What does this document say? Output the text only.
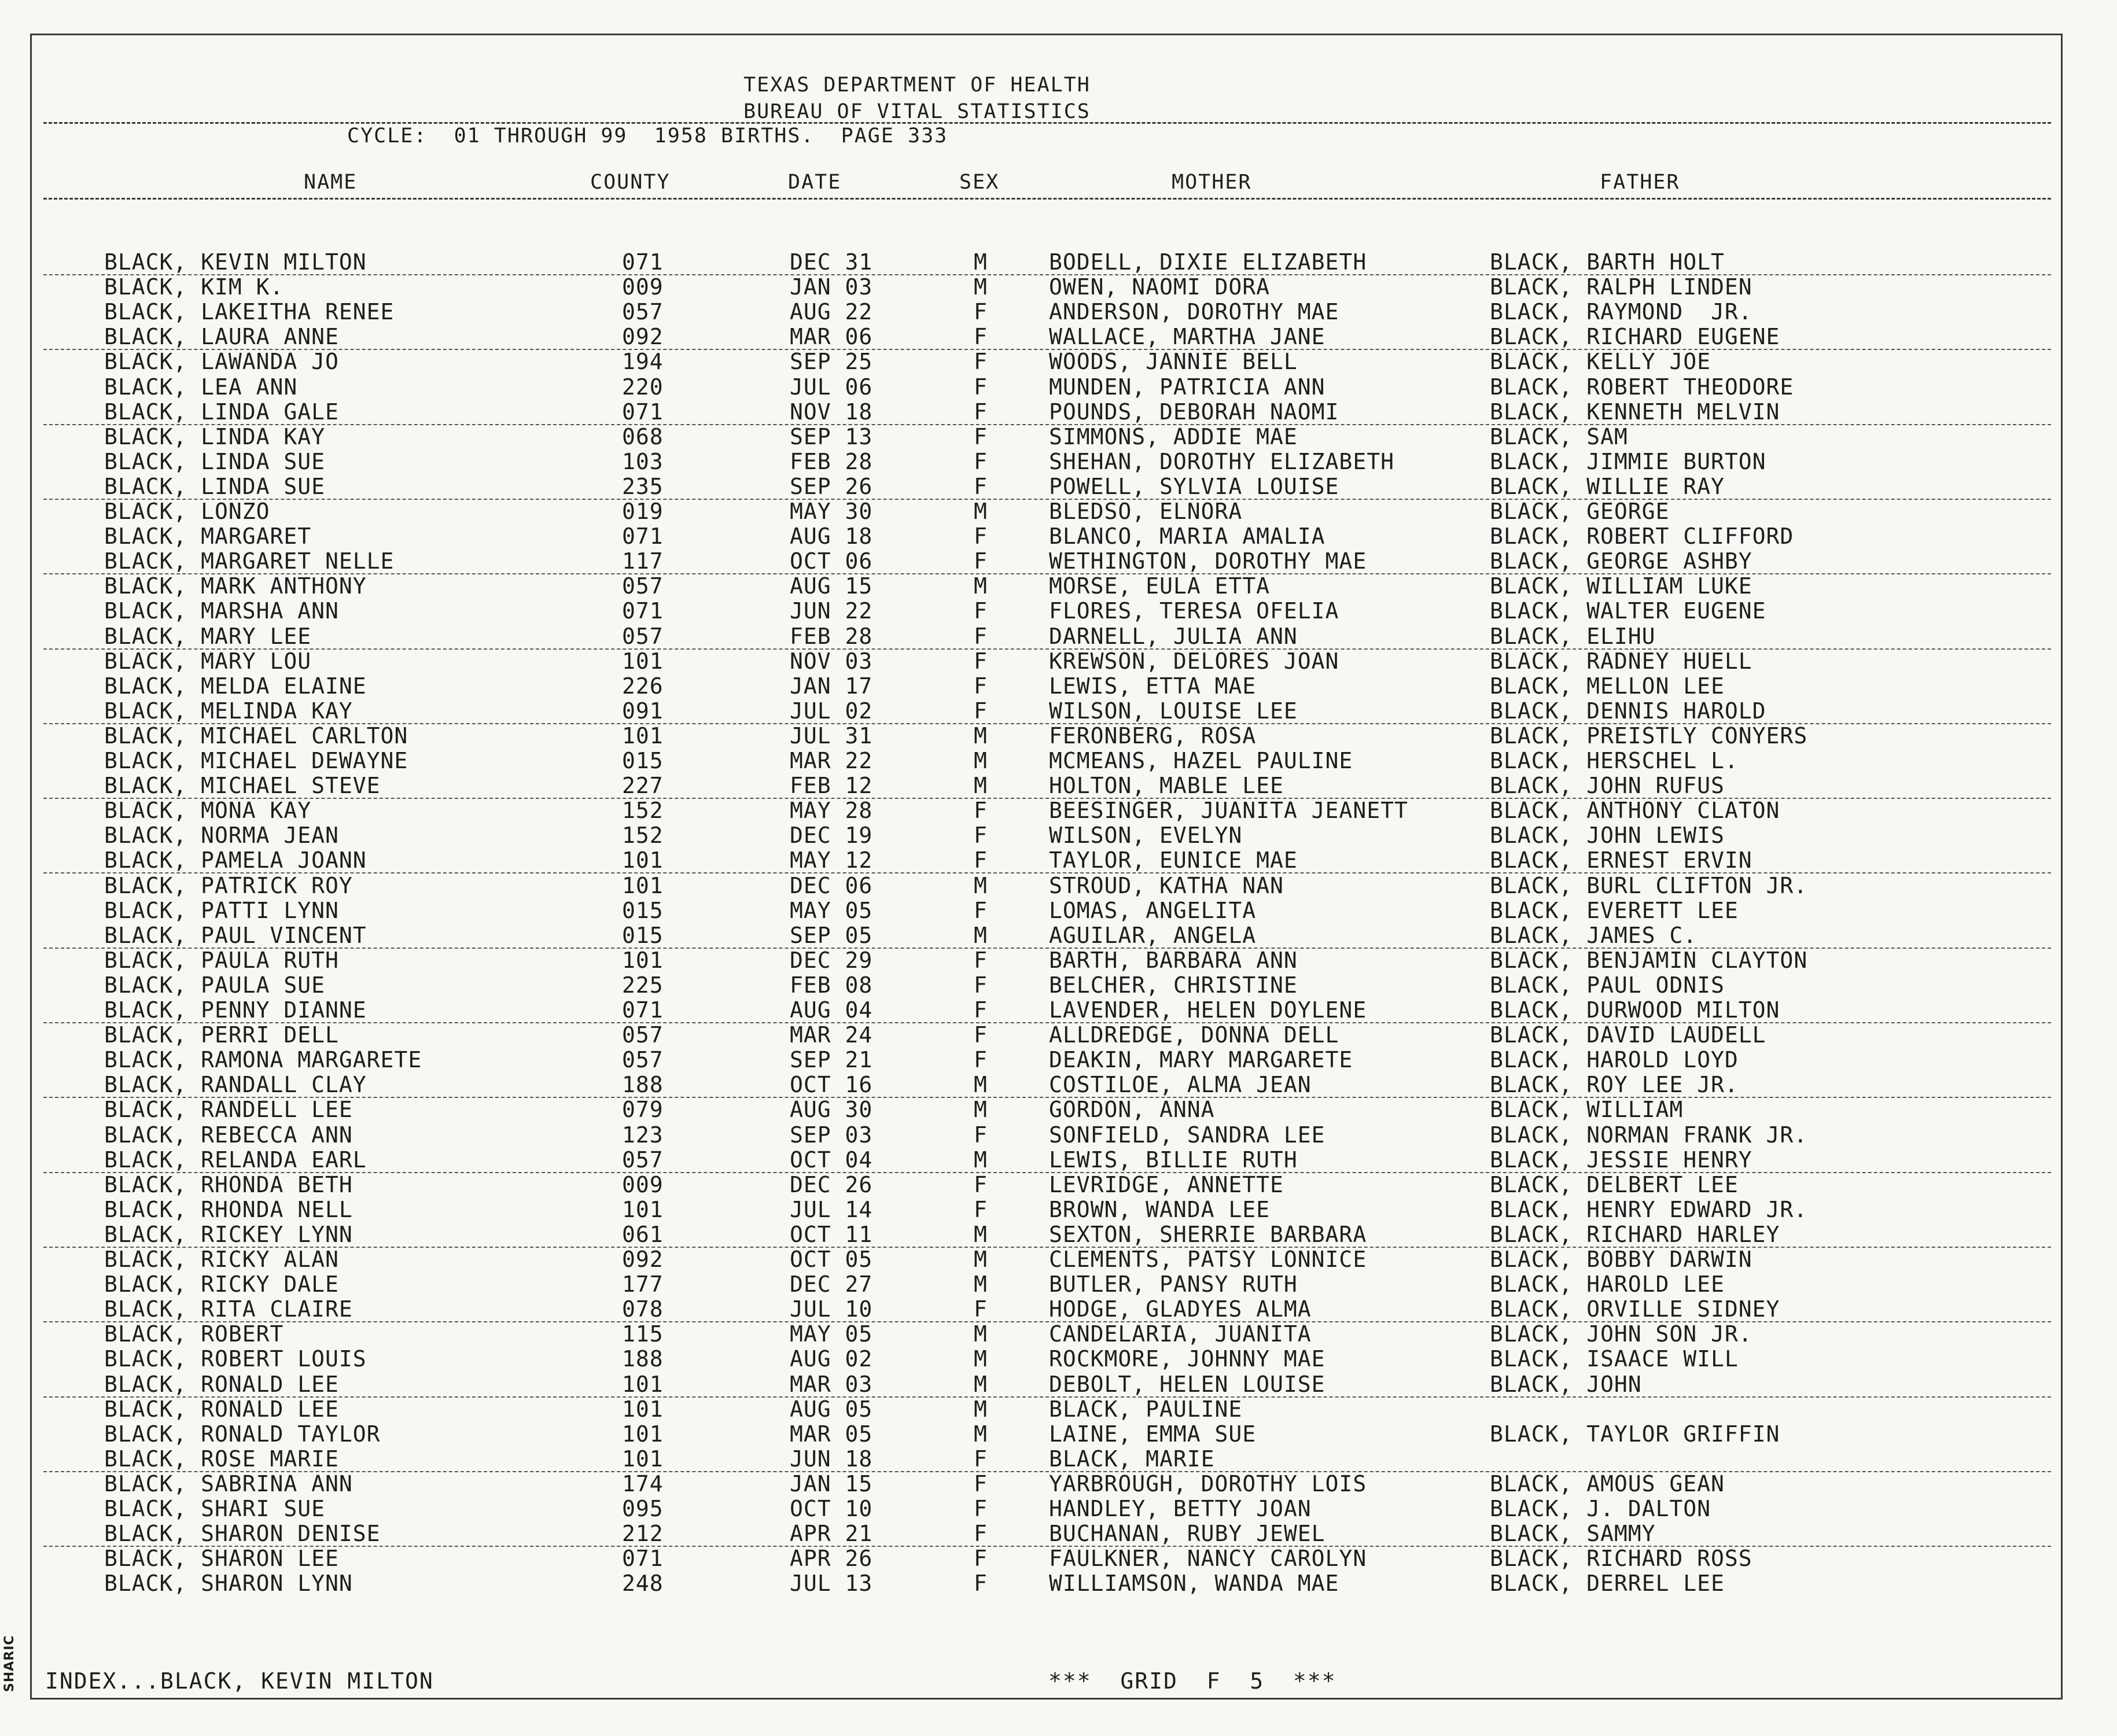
TEXAS DEPARTMENT OF HEALTH
BUREAU OF VITAL STATISTICS
CYCLE:  01 THROUGH 99  1958 BIRTHS.  PAGE 333
NAME	COUNTY	DATE	SEX	MOTHER	FATHER
BLACK, KEVIN MILTON	071	DEC 31	M	BODELL, DIXIE ELIZABETH	BLACK, BARTH HOLT
BLACK, KIM K.	009	JAN 03	M	OWEN, NAOMI DORA	BLACK, RALPH LINDEN
BLACK, LAKEITHA RENEE	057	AUG 22	F	ANDERSON, DOROTHY MAE	BLACK, RAYMOND  JR.
BLACK, LAURA ANNE	092	MAR 06	F	WALLACE, MARTHA JANE	BLACK, RICHARD EUGENE
BLACK, LAWANDA JO	194	SEP 25	F	WOODS, JANNIE BELL	BLACK, KELLY JOE
BLACK, LEA ANN	220	JUL 06	F	MUNDEN, PATRICIA ANN	BLACK, ROBERT THEODORE
BLACK, LINDA GALE	071	NOV 18	F	POUNDS, DEBORAH NAOMI	BLACK, KENNETH MELVIN
BLACK, LINDA KAY	068	SEP 13	F	SIMMONS, ADDIE MAE	BLACK, SAM
BLACK, LINDA SUE	103	FEB 28	F	SHEHAN, DOROTHY ELIZABETH	BLACK, JIMMIE BURTON
BLACK, LINDA SUE	235	SEP 26	F	POWELL, SYLVIA LOUISE	BLACK, WILLIE RAY
BLACK, LONZO	019	MAY 30	M	BLEDSO, ELNORA	BLACK, GEORGE
BLACK, MARGARET	071	AUG 18	F	BLANCO, MARIA AMALIA	BLACK, ROBERT CLIFFORD
BLACK, MARGARET NELLE	117	OCT 06	F	WETHINGTON, DOROTHY MAE	BLACK, GEORGE ASHBY
BLACK, MARK ANTHONY	057	AUG 15	M	MORSE, EULA ETTA	BLACK, WILLIAM LUKE
BLACK, MARSHA ANN	071	JUN 22	F	FLORES, TERESA OFELIA	BLACK, WALTER EUGENE
BLACK, MARY LEE	057	FEB 28	F	DARNELL, JULIA ANN	BLACK, ELIHU
BLACK, MARY LOU	101	NOV 03	F	KREWSON, DELORES JOAN	BLACK, RADNEY HUELL
BLACK, MELDA ELAINE	226	JAN 17	F	LEWIS, ETTA MAE	BLACK, MELLON LEE
BLACK, MELINDA KAY	091	JUL 02	F	WILSON, LOUISE LEE	BLACK, DENNIS HAROLD
BLACK, MICHAEL CARLTON	101	JUL 31	M	FERONBERG, ROSA	BLACK, PREISTLY CONYERS
BLACK, MICHAEL DEWAYNE	015	MAR 22	M	MCMEANS, HAZEL PAULINE	BLACK, HERSCHEL L.
BLACK, MICHAEL STEVE	227	FEB 12	M	HOLTON, MABLE LEE	BLACK, JOHN RUFUS
BLACK, MONA KAY	152	MAY 28	F	BEESINGER, JUANITA JEANETT	BLACK, ANTHONY CLATON
BLACK, NORMA JEAN	152	DEC 19	F	WILSON, EVELYN	BLACK, JOHN LEWIS
BLACK, PAMELA JOANN	101	MAY 12	F	TAYLOR, EUNICE MAE	BLACK, ERNEST ERVIN
BLACK, PATRICK ROY	101	DEC 06	M	STROUD, KATHA NAN	BLACK, BURL CLIFTON JR.
BLACK, PATTI LYNN	015	MAY 05	F	LOMAS, ANGELITA	BLACK, EVERETT LEE
BLACK, PAUL VINCENT	015	SEP 05	M	AGUILAR, ANGELA	BLACK, JAMES C.
BLACK, PAULA RUTH	101	DEC 29	F	BARTH, BARBARA ANN	BLACK, BENJAMIN CLAYTON
BLACK, PAULA SUE	225	FEB 08	F	BELCHER, CHRISTINE	BLACK, PAUL ODNIS
BLACK, PENNY DIANNE	071	AUG 04	F	LAVENDER, HELEN DOYLENE	BLACK, DURWOOD MILTON
BLACK, PERRI DELL	057	MAR 24	F	ALLDREDGE, DONNA DELL	BLACK, DAVID LAUDELL
BLACK, RAMONA MARGARETE	057	SEP 21	F	DEAKIN, MARY MARGARETE	BLACK, HAROLD LOYD
BLACK, RANDALL CLAY	188	OCT 16	M	COSTILOE, ALMA JEAN	BLACK, ROY LEE JR.
BLACK, RANDELL LEE	079	AUG 30	M	GORDON, ANNA	BLACK, WILLIAM
BLACK, REBECCA ANN	123	SEP 03	F	SONFIELD, SANDRA LEE	BLACK, NORMAN FRANK JR.
BLACK, RELANDA EARL	057	OCT 04	M	LEWIS, BILLIE RUTH	BLACK, JESSIE HENRY
BLACK, RHONDA BETH	009	DEC 26	F	LEVRIDGE, ANNETTE	BLACK, DELBERT LEE
BLACK, RHONDA NELL	101	JUL 14	F	BROWN, WANDA LEE	BLACK, HENRY EDWARD JR.
BLACK, RICKEY LYNN	061	OCT 11	M	SEXTON, SHERRIE BARBARA	BLACK, RICHARD HARLEY
BLACK, RICKY ALAN	092	OCT 05	M	CLEMENTS, PATSY LONNICE	BLACK, BOBBY DARWIN
BLACK, RICKY DALE	177	DEC 27	M	BUTLER, PANSY RUTH	BLACK, HAROLD LEE
BLACK, RITA CLAIRE	078	JUL 10	F	HODGE, GLADYES ALMA	BLACK, ORVILLE SIDNEY
BLACK, ROBERT	115	MAY 05	M	CANDELARIA, JUANITA	BLACK, JOHN SON JR.
BLACK, ROBERT LOUIS	188	AUG 02	M	ROCKMORE, JOHNNY MAE	BLACK, ISAACE WILL
BLACK, RONALD LEE	101	MAR 03	M	DEBOLT, HELEN LOUISE	BLACK, JOHN
BLACK, RONALD LEE	101	AUG 05	M	BLACK, PAULINE
BLACK, RONALD TAYLOR	101	MAR 05	M	LAINE, EMMA SUE	BLACK, TAYLOR GRIFFIN
BLACK, ROSE MARIE	101	JUN 18	F	BLACK, MARIE
BLACK, SABRINA ANN	174	JAN 15	F	YARBROUGH, DOROTHY LOIS	BLACK, AMOUS GEAN
BLACK, SHARI SUE	095	OCT 10	F	HANDLEY, BETTY JOAN	BLACK, J. DALTON
BLACK, SHARON DENISE	212	APR 21	F	BUCHANAN, RUBY JEWEL	BLACK, SAMMY
BLACK, SHARON LEE	071	APR 26	F	FAULKNER, NANCY CAROLYN	BLACK, RICHARD ROSS
BLACK, SHARON LYNN	248	JUL 13	F	WILLIAMSON, WANDA MAE	BLACK, DERREL LEE
INDEX...BLACK, KEVIN MILTON	***  GRID  F  5  ***
SHARIC
